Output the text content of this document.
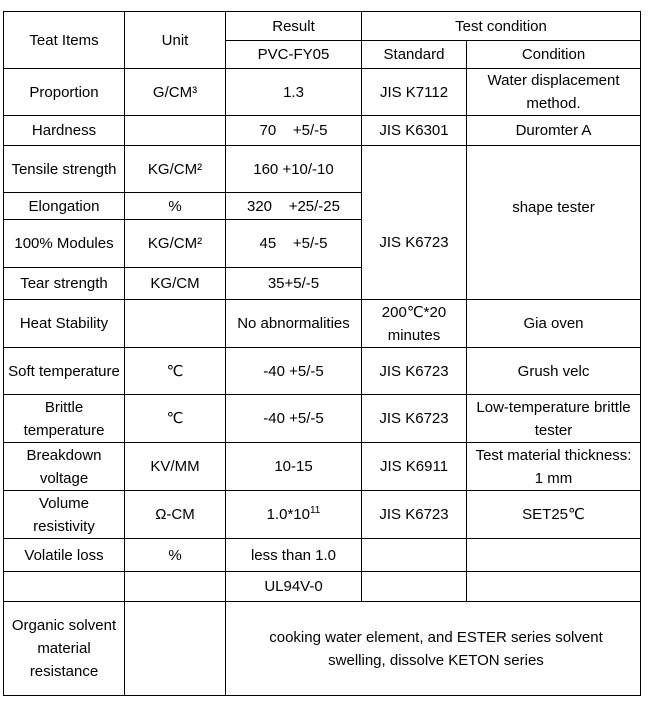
Teat Items	Unit	Result	Test condition	
		PVC-FY05	Standard	Condition
Proportion	G/CM³	1.3	JIS K7112	Water displacement method.
Hardness		70    +5/-5	JIS K6301	Duromter A
Tensile strength	KG/CM²	160 +10/-10	JIS K6723	shape tester
Elongation	%	320    +25/-25		
100% Modules	KG/CM²	45    +5/-5		
Tear strength	KG/CM	35+5/-5		
Heat Stability		No abnormalities	200℃*20 minutes	Gia oven
Soft temperature	℃	-40 +5/-5	JIS K6723	Grush velc
Brittle temperature	℃	-40 +5/-5	JIS K6723	Low-temperature brittle tester
Breakdown voltage	KV/MM	10-15	JIS K6911	Test material thickness: 1 mm
Volume resistivity	Ω-CM	$1.0*10^{11}$	JIS K6723	SET25℃
Volatile loss	%	less than 1.0		
		UL94V-0		
Organic solvent material resistance		cooking water element, and ESTER series solvent swelling, dissolve KETON series		
